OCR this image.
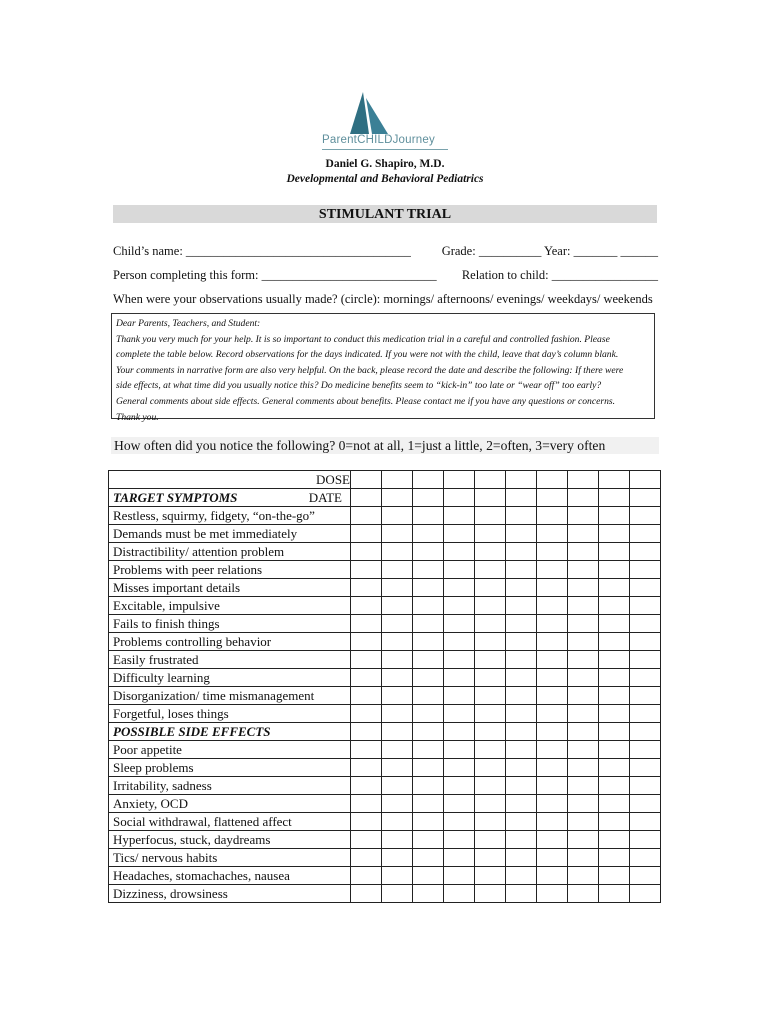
ParentCHILDJourney
Daniel G. Shapiro, M.D.
Developmental and Behavioral Pediatrics
STIMULANT TRIAL
Child’s name: ____________________________________ Grade: __________ Year: _______ ______
Person completing this form: ____________________________ Relation to child: _________________
When were your observations usually made? (circle): mornings/ afternoons/ evenings/ weekdays/ weekends
Dear Parents, Teachers, and Student:
Thank you very much for your help. It is so important to conduct this medication trial in a careful and controlled fashion. Please
complete the table below. Record observations for the days indicated. If you were not with the child, leave that day’s column blank.
Your comments in narrative form are also very helpful. On the back, please record the date and describe the following: If there were
side effects, at what time did you usually notice this? Do medicine benefits seem to “kick-in” too late or “wear off” too early?
General comments about side effects. General comments about benefits. Please contact me if you have any questions or concerns.
Thank you.
How often did you notice the following? 0=not at all, 1=just a little, 2=often, 3=very often
DOSE										

TARGET SYMPTOMS DATE										

Restless, squirmy, fidgety, “on-the-go”										
Demands must be met immediately										
Distractibility/ attention problem										
Problems with peer relations										
Misses important details										
Excitable, impulsive										
Fails to finish things										
Problems controlling behavior										
Easily frustrated										
Difficulty learning										
Disorganization/ time mismanagement										
Forgetful, loses things										
POSSIBLE SIDE EFFECTS										
Poor appetite										
Sleep problems										
Irritability, sadness										
Anxiety, OCD										
Social withdrawal, flattened affect										
Hyperfocus, stuck, daydreams										
Tics/ nervous habits										
Headaches, stomachaches, nausea										
Dizziness, drowsiness										
